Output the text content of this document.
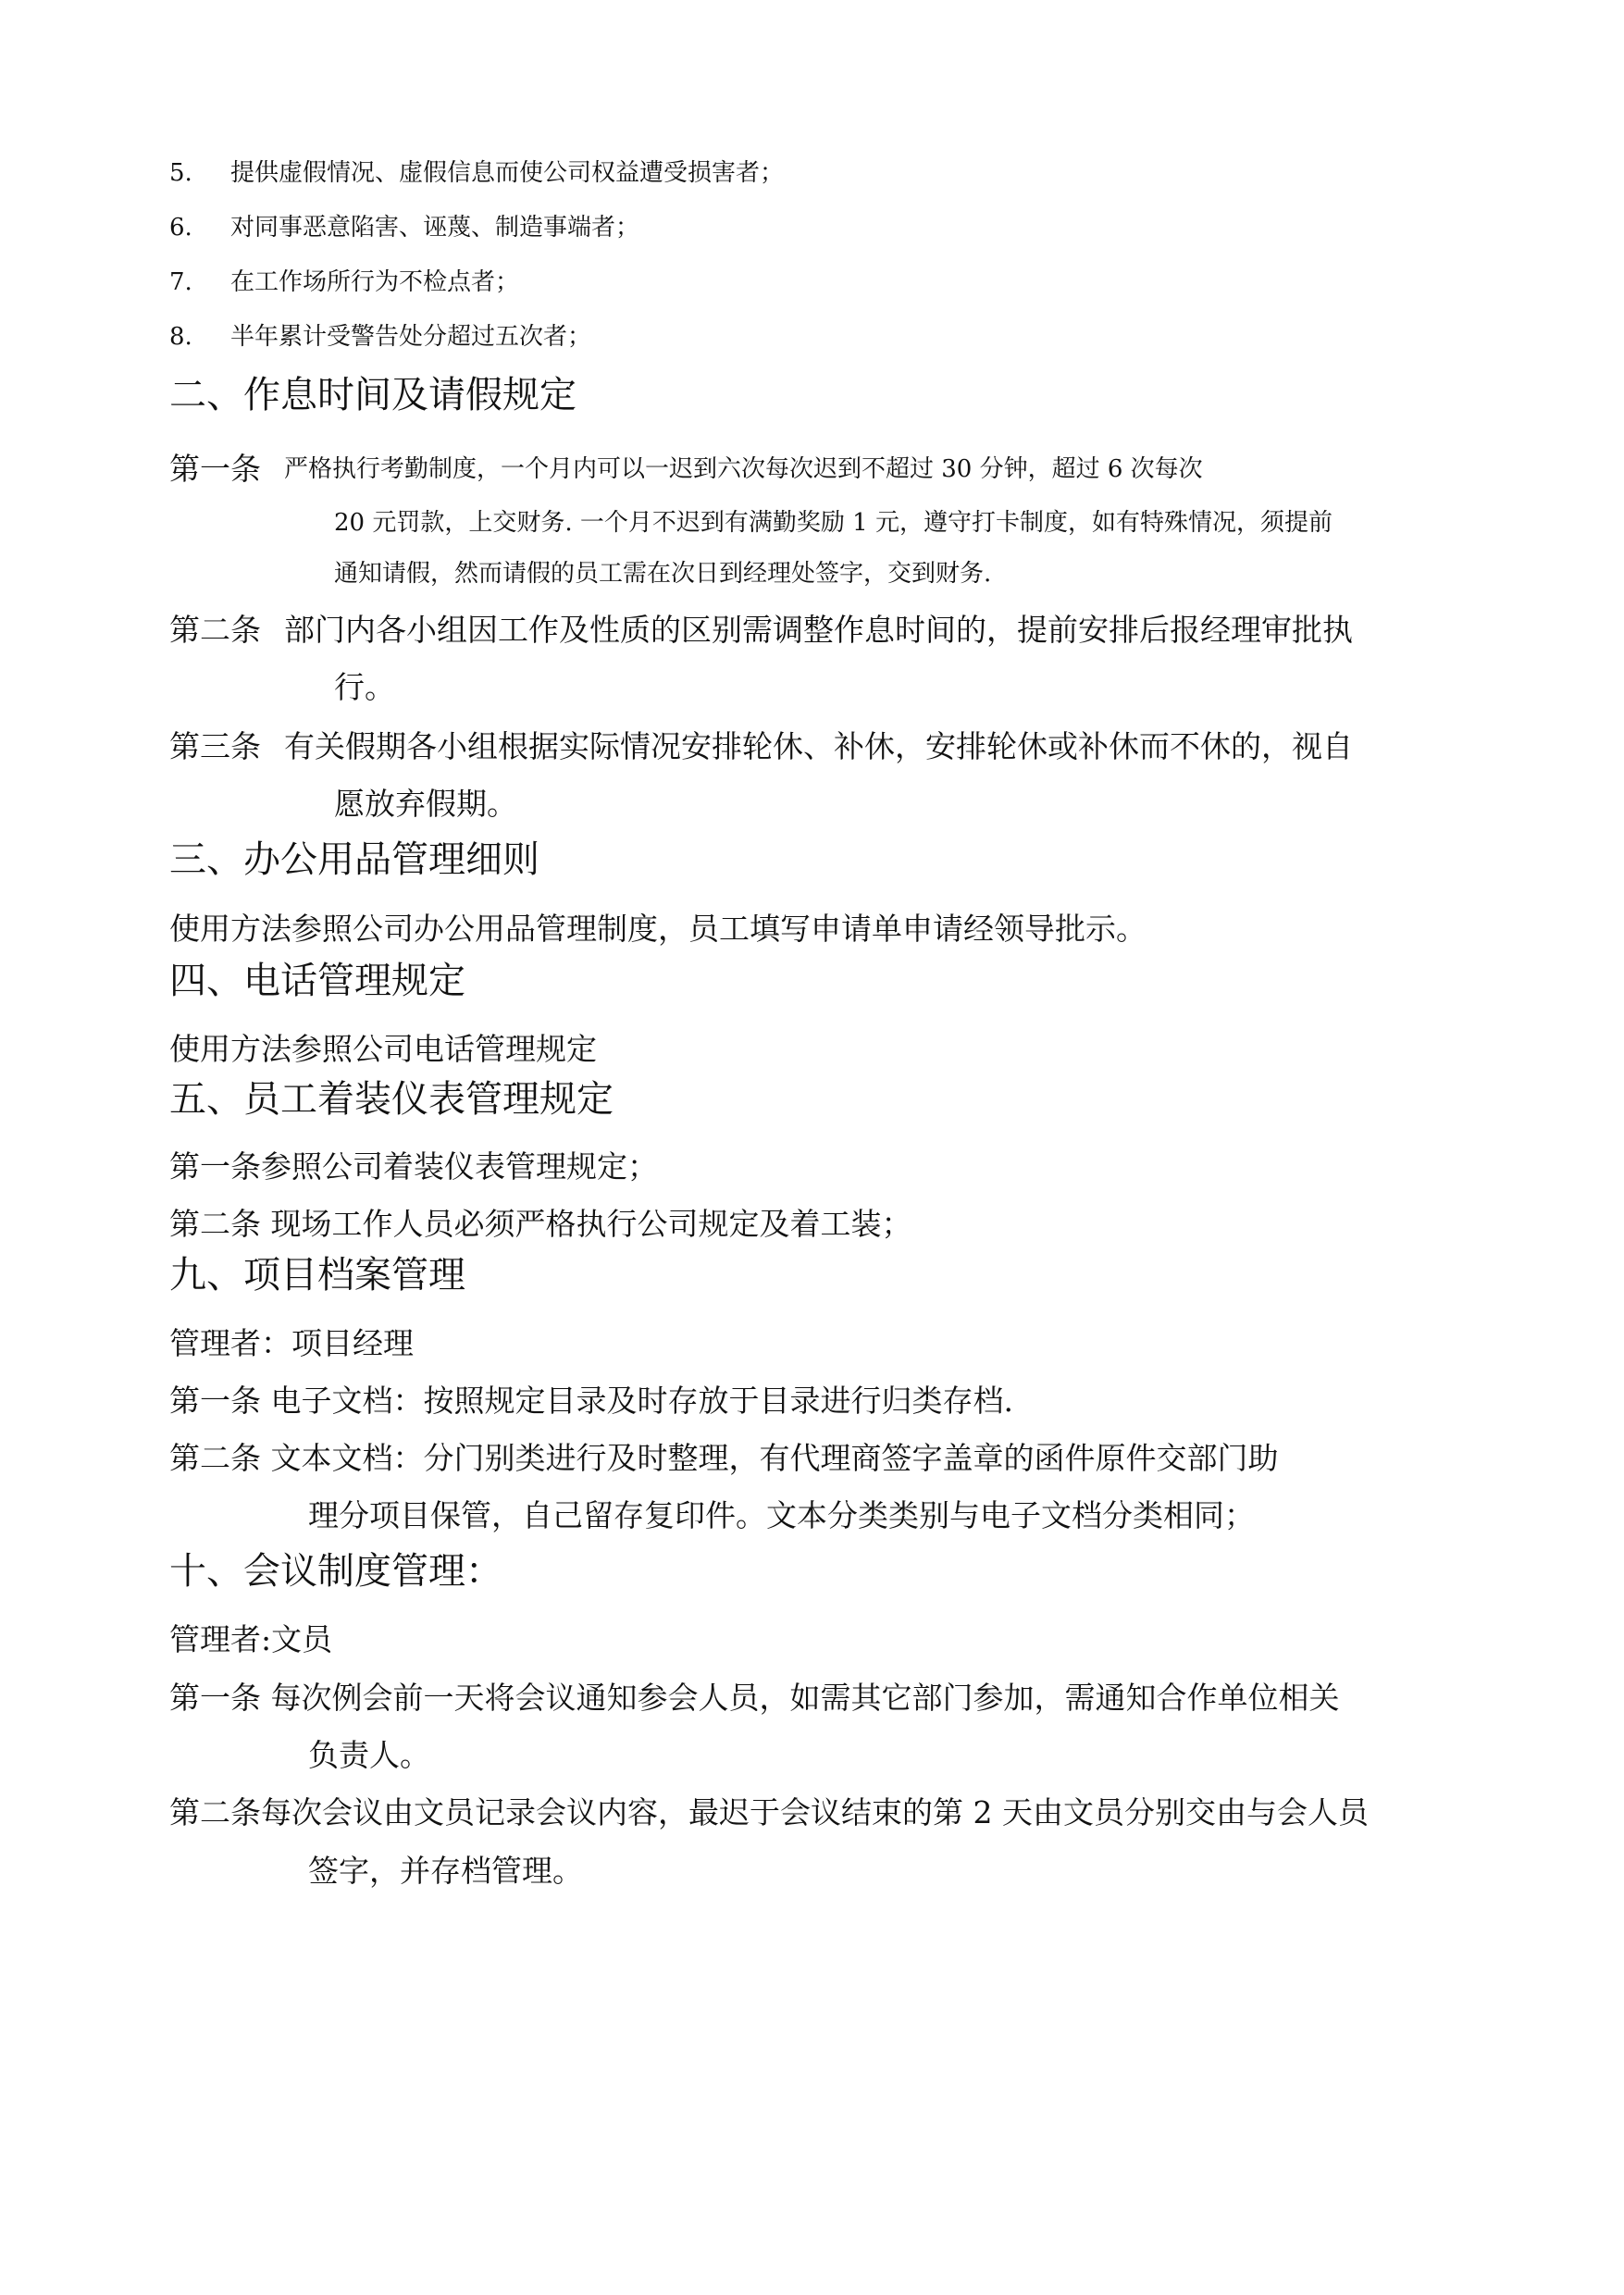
5. 提供虚假情况、虚假信息而使公司权益遭受损害者；
6. 对同事恶意陷害、诬蔑、制造事端者；
7. 在工作场所行为不检点者；
8. 半年累计受警告处分超过五次者；
二、作息时间及请假规定
第一条 严格执行考勤制度，一个月内可以一迟到六次每次迟到不超过 30 分钟，超过 6 次每次
20 元罚款，上交财务. 一个月不迟到有满勤奖励 1 元，遵守打卡制度，如有特殊情况，须提前
通知请假，然而请假的员工需在次日到经理处签字，交到财务.
第二条 部门内各小组因工作及性质的区别需调整作息时间的，提前安排后报经理审批执
行。
第三条 有关假期各小组根据实际情况安排轮休、补休，安排轮休或补休而不休的，视自
愿放弃假期。
三、办公用品管理细则
使用方法参照公司办公用品管理制度，员工填写申请单申请经领导批示。
四、电话管理规定
使用方法参照公司电话管理规定
五、员工着装仪表管理规定
第一条参照公司着装仪表管理规定；
第二条 现场工作人员必须严格执行公司规定及着工装；
九、项目档案管理
管理者：项目经理
第一条 电子文档：按照规定目录及时存放于目录进行归类存档.
第二条 文本文档：分门别类进行及时整理，有代理商签字盖章的函件原件交部门助
理分项目保管，自己留存复印件。文本分类类别与电子文档分类相同；
十、会议制度管理：
管理者:文员
第一条 每次例会前一天将会议通知参会人员，如需其它部门参加，需通知合作单位相关
负责人。
第二条每次会议由文员记录会议内容，最迟于会议结束的第 2 天由文员分别交由与会人员
签字，并存档管理。
